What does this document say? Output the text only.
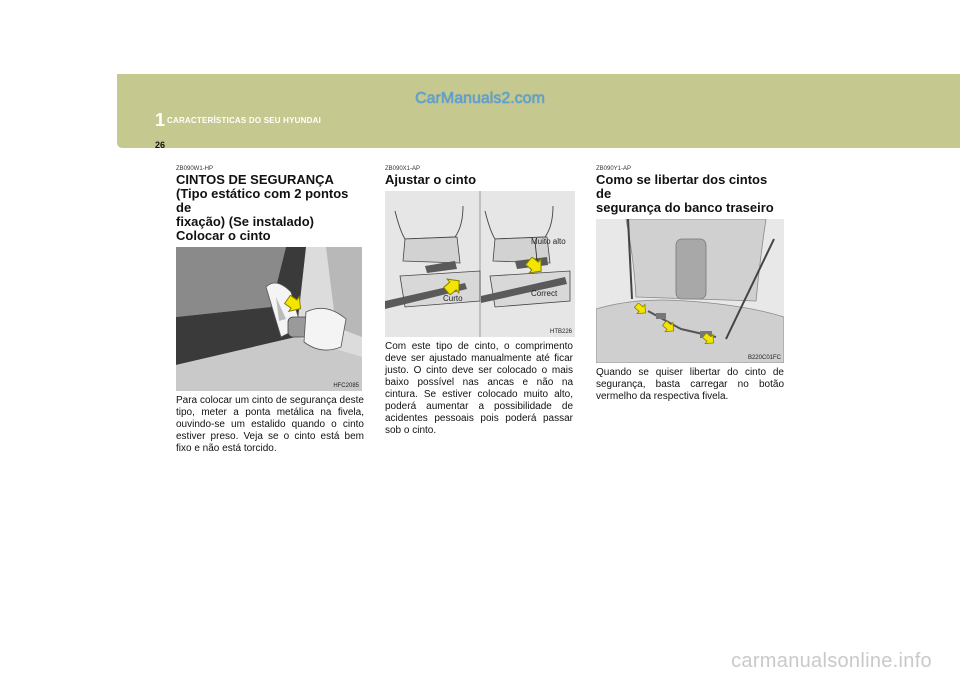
1 CARACTERÍSTICAS DO SEU HYUNDAI
26
CarManuals2.com
ZB090W1-HP
CINTOS DE SEGURANÇA
(Tipo estático com 2 pontos de
fixação) (Se instalado)
Colocar o cinto
HFC2085
Para colocar um cinto de segurança deste tipo, meter a ponta metálica na fivela, ouvindo-se um estalido quando o cinto estiver preso. Veja se o cinto está bem fixo e não está torcido.
ZB090X1-AP
Ajustar o cinto
Muito alto
Curto
Correct
HTB226
Com este tipo de cinto, o comprimento deve ser ajustado manualmente até ficar justo. O cinto deve ser colocado o mais baixo possível nas ancas e não na cintura. Se estiver colocado muito alto, poderá aumentar a possibilidade de acidentes pessoais pois poderá passar sob o cinto.
ZB090Y1-AP
Como se libertar dos cintos de
segurança do banco traseiro
B220C01FC
Quando se quiser libertar do cinto de segurança, basta carregar no botão vermelho da respectiva fivela.
carmanualsonline.info
